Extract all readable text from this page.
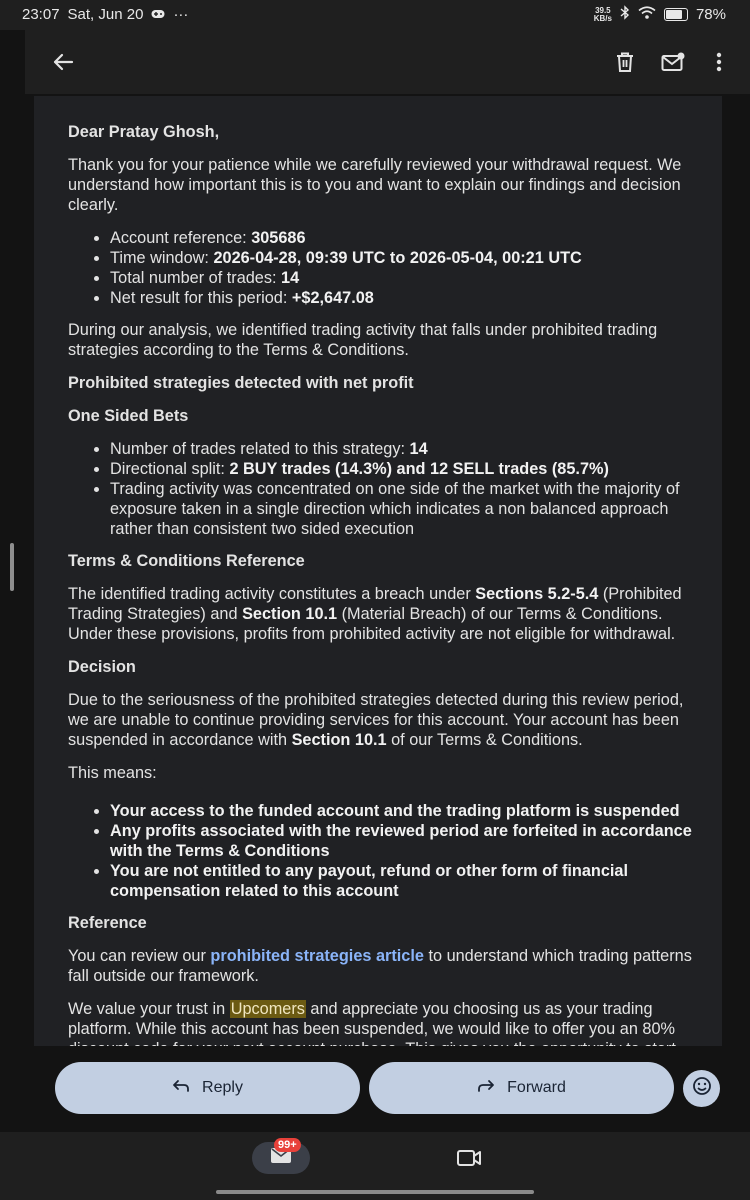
23:07 Sat, Jun 20 ···	39.5
KB/s	78%

Dear Pratay Ghosh,

Thank you for your patience while we carefully reviewed your withdrawal request. We understand how important this is to you and want to explain our findings and decision clearly.

• Account reference: 305686
• Time window: 2026-04-28, 09:39 UTC to 2026-05-04, 00:21 UTC
• Total number of trades: 14
• Net result for this period: +$2,647.08

During our analysis, we identified trading activity that falls under prohibited trading strategies according to the Terms & Conditions.

Prohibited strategies detected with net profit

One Sided Bets

• Number of trades related to this strategy: 14
• Directional split: 2 BUY trades (14.3%) and 12 SELL trades (85.7%)
• Trading activity was concentrated on one side of the market with the majority of exposure taken in a single direction which indicates a non balanced approach rather than consistent two sided execution

Terms & Conditions Reference

The identified trading activity constitutes a breach under Sections 5.2-5.4 (Prohibited Trading Strategies) and Section 10.1 (Material Breach) of our Terms & Conditions. Under these provisions, profits from prohibited activity are not eligible for withdrawal.

Decision

Due to the seriousness of the prohibited strategies detected during this review period, we are unable to continue providing services for this account. Your account has been suspended in accordance with Section 10.1 of our Terms & Conditions.

This means:

• Your access to the funded account and the trading platform is suspended
• Any profits associated with the reviewed period are forfeited in accordance with the Terms & Conditions
• You are not entitled to any payout, refund or other form of financial compensation related to this account

Reference

You can review our prohibited strategies article to understand which trading patterns fall outside our framework.

We value your trust in Upcomers and appreciate you choosing us as your trading platform. While this account has been suspended, we would like to offer you an 80%

Reply	Forward
99+
